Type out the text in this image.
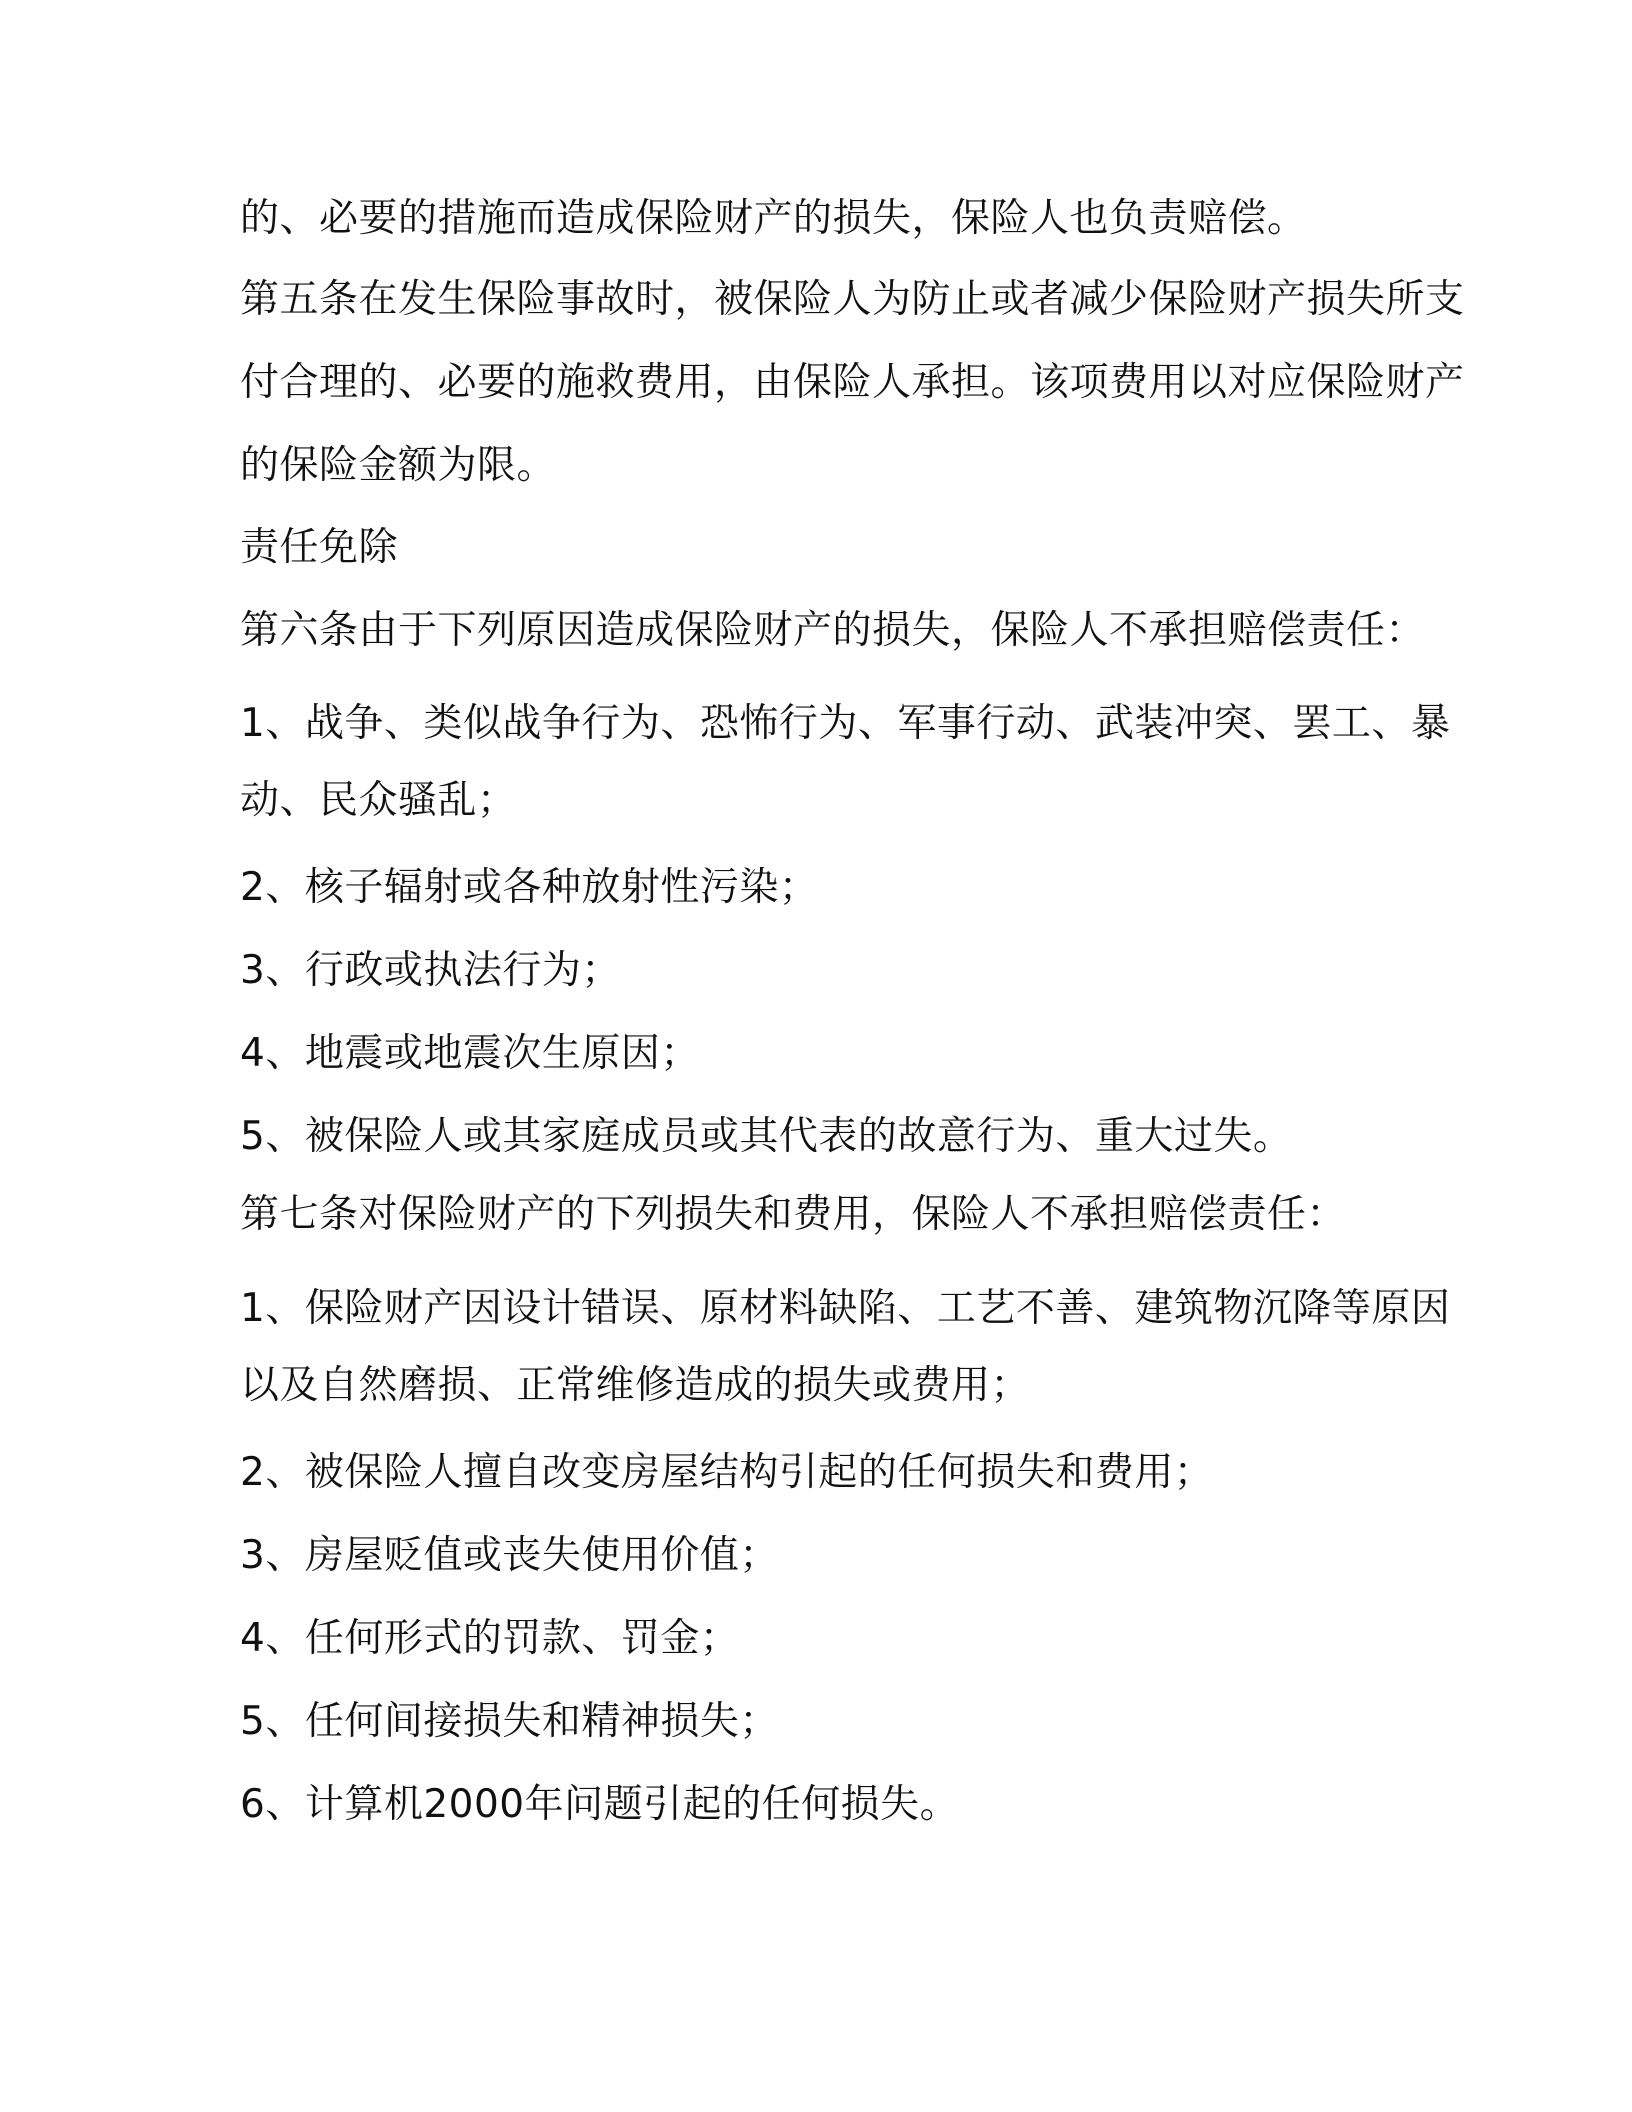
的、必要的措施而造成保险财产的损失，保险人也负责赔偿。
第五条在发生保险事故时，被保险人为防止或者减少保险财产损失所支
付合理的、必要的施救费用，由保险人承担。该项费用以对应保险财产
的保险金额为限。
责任免除
第六条由于下列原因造成保险财产的损失，保险人不承担赔偿责任：
1、战争、类似战争行为、恐怖行为、军事行动、武装冲突、罢工、暴
动、民众骚乱；
2、核子辐射或各种放射性污染；
3、行政或执法行为；
4、地震或地震次生原因；
5、被保险人或其家庭成员或其代表的故意行为、重大过失。
第七条对保险财产的下列损失和费用，保险人不承担赔偿责任：
1、保险财产因设计错误、原材料缺陷、工艺不善、建筑物沉降等原因
以及自然磨损、正常维修造成的损失或费用；
2、被保险人擅自改变房屋结构引起的任何损失和费用；
3、房屋贬值或丧失使用价值；
4、任何形式的罚款、罚金；
5、任何间接损失和精神损失；
6、计算机2000年问题引起的任何损失。
